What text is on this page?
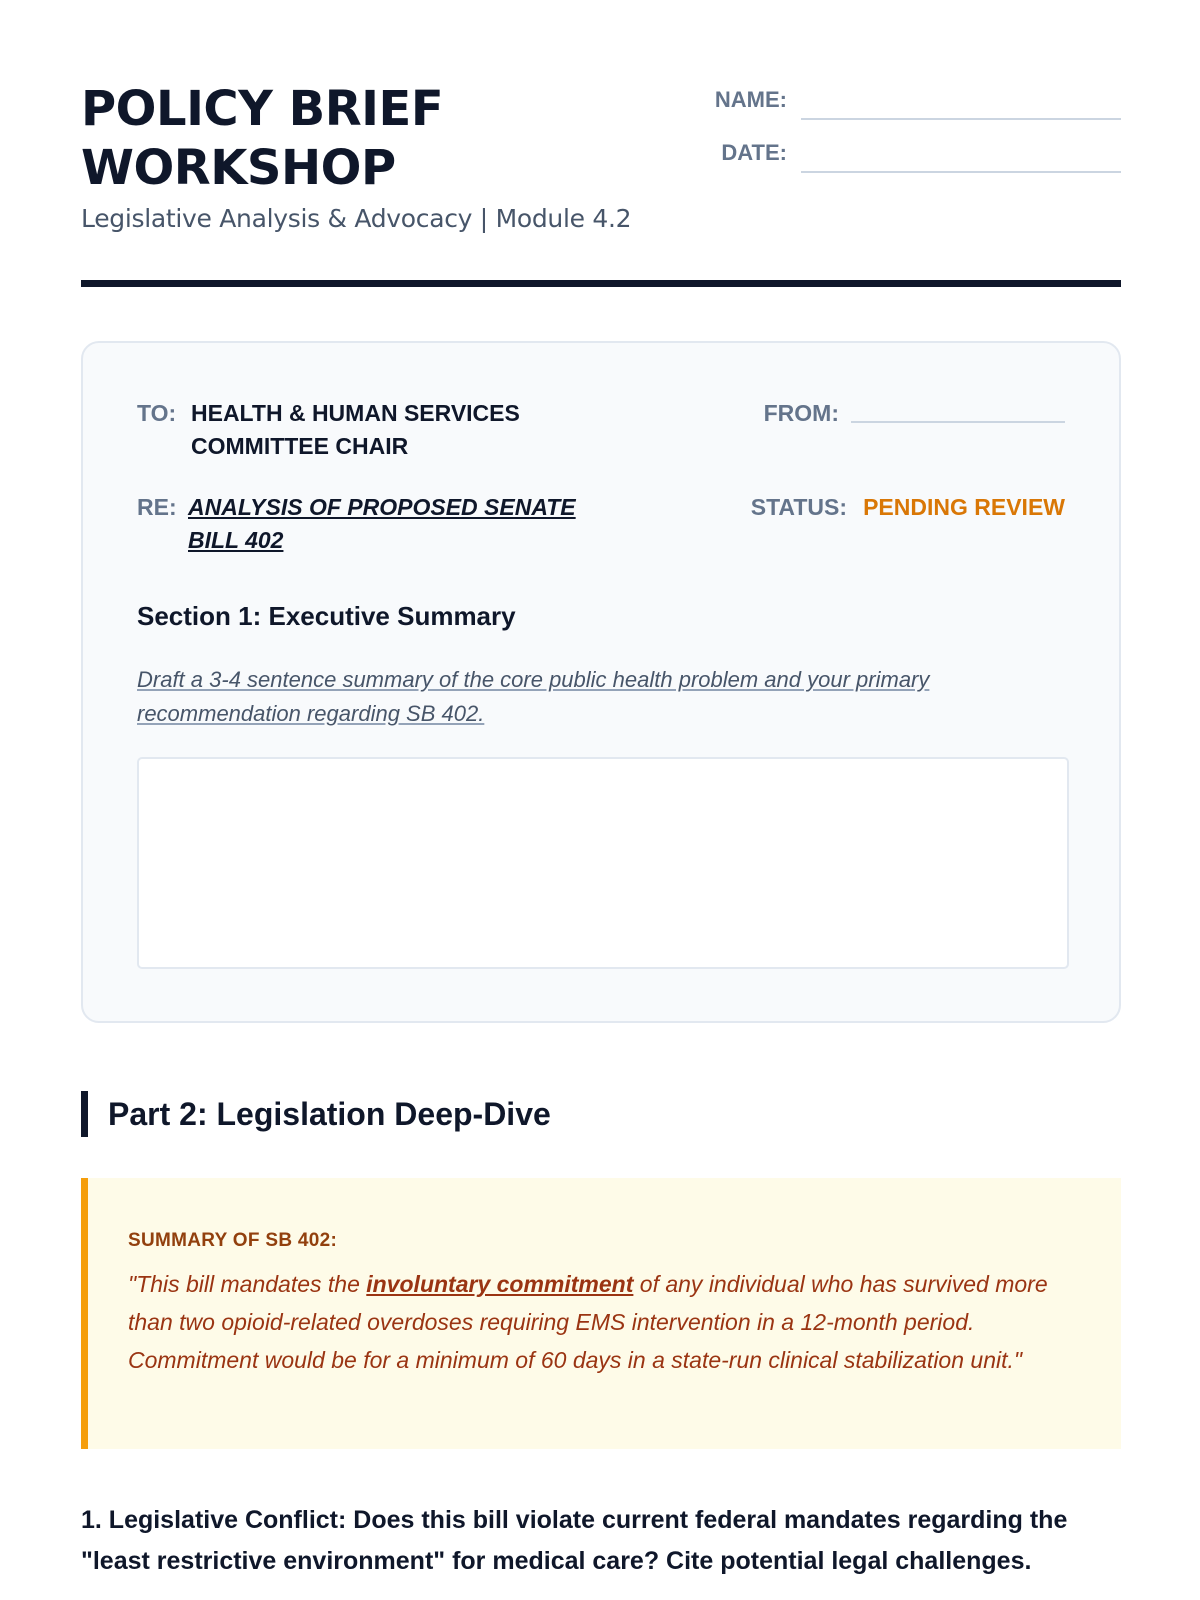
POLICY BRIEF WORKSHOP
Legislative Analysis & Advocacy | Module 4.2
NAME:
DATE:
TO: HEALTH & HUMAN SERVICES COMMITTEE CHAIR
FROM:
RE: ANALYSIS OF PROPOSED SENATE BILL 402
STATUS: PENDING REVIEW
Section 1: Executive Summary
Draft a 3-4 sentence summary of the core public health problem and your primary recommendation regarding SB 402.
Part 2: Legislation Deep-Dive
SUMMARY OF SB 402:

"This bill mandates the involuntary commitment of any individual who has survived more than two opioid-related overdoses requiring EMS intervention in a 12-month period. Commitment would be for a minimum of 60 days in a state-run clinical stabilization unit."

1. Legislative Conflict: Does this bill violate current federal mandates regarding the "least restrictive environment" for medical care? Cite potential legal challenges.
